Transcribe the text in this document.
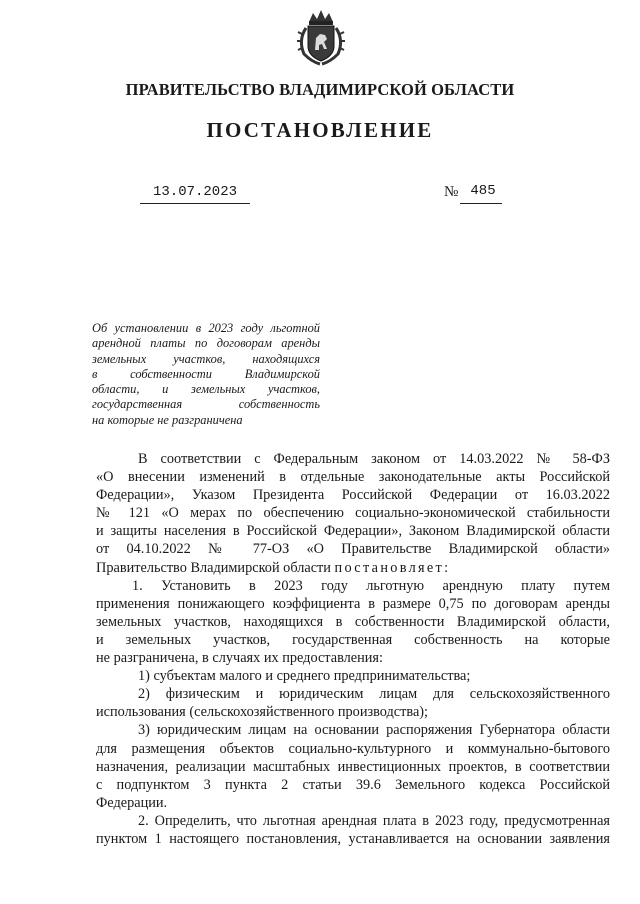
ПРАВИТЕЛЬСТВО ВЛАДИМИРСКОЙ ОБЛАСТИ
ПОСТАНОВЛЕНИЕ
13.07.2023	№ 485
Об установлении в 2023 году льготной
арендной платы по договорам аренды
земельных участков, находящихся
в собственности Владимирской
области, и земельных участков,
государственная собственность
на которые не разграничена
В соответствии с Федеральным законом от 14.03.2022 № 58-ФЗ
«О внесении изменений в отдельные законодательные акты Российской
Федерации», Указом Президента Российской Федерации от 16.03.2022
№ 121 «О мерах по обеспечению социально-экономической стабильности
и защиты населения в Российской Федерации», Законом Владимирской области
от 04.10.2022 № 77-ОЗ «О Правительстве Владимирской области»
Правительство Владимирской области постановляет:
1. Установить в 2023 году льготную арендную плату путем
применения понижающего коэффициента в размере 0,75 по договорам аренды
земельных участков, находящихся в собственности Владимирской области,
и земельных участков, государственная собственность на которые
не разграничена, в случаях их предоставления:
1) субъектам малого и среднего предпринимательства;
2) физическим и юридическим лицам для сельскохозяйственного
использования (сельскохозяйственного производства);
3) юридическим лицам на основании распоряжения Губернатора области
для размещения объектов социально-культурного и коммунально-бытового
назначения, реализации масштабных инвестиционных проектов, в соответствии
с подпунктом 3 пункта 2 статьи 39.6 Земельного кодекса Российской
Федерации.
2. Определить, что льготная арендная плата в 2023 году, предусмотренная
пунктом 1 настоящего постановления, устанавливается на основании заявления
